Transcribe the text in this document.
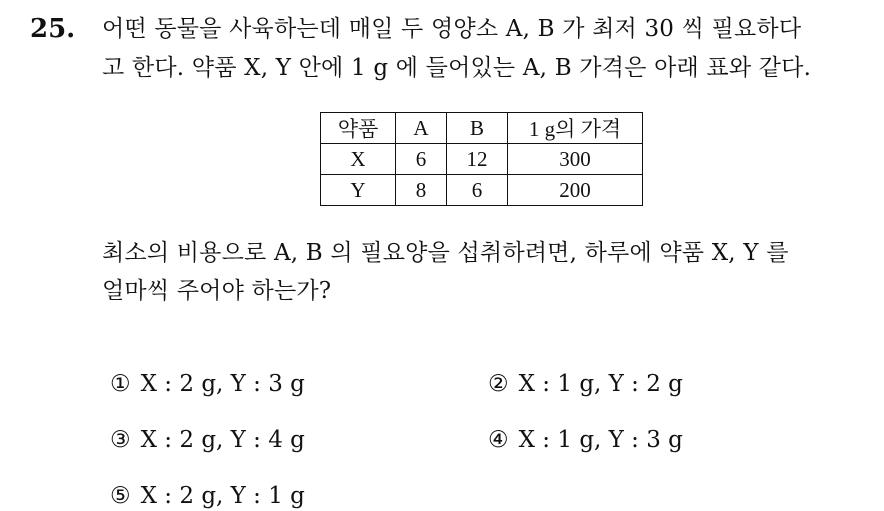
25. 어떤 동물을 사육하는데 매일 두 영양소 A, B 가 최저 30 씩 필요하다
고 한다. 약품 X, Y 안에 1 g 에 들어있는 A, B 가격은 아래 표와 같다.
약품	A	B	1 g의 가격
X	6	12	300
Y	8	6	200
최소의 비용으로 A, B 의 필요양을 섭취하려면, 하루에 약품 X, Y 를
얼마씩 주어야 하는가?
① X : 2 g, Y : 3 g	② X : 1 g, Y : 2 g
③ X : 2 g, Y : 4 g	④ X : 1 g, Y : 3 g
⑤ X : 2 g, Y : 1 g
